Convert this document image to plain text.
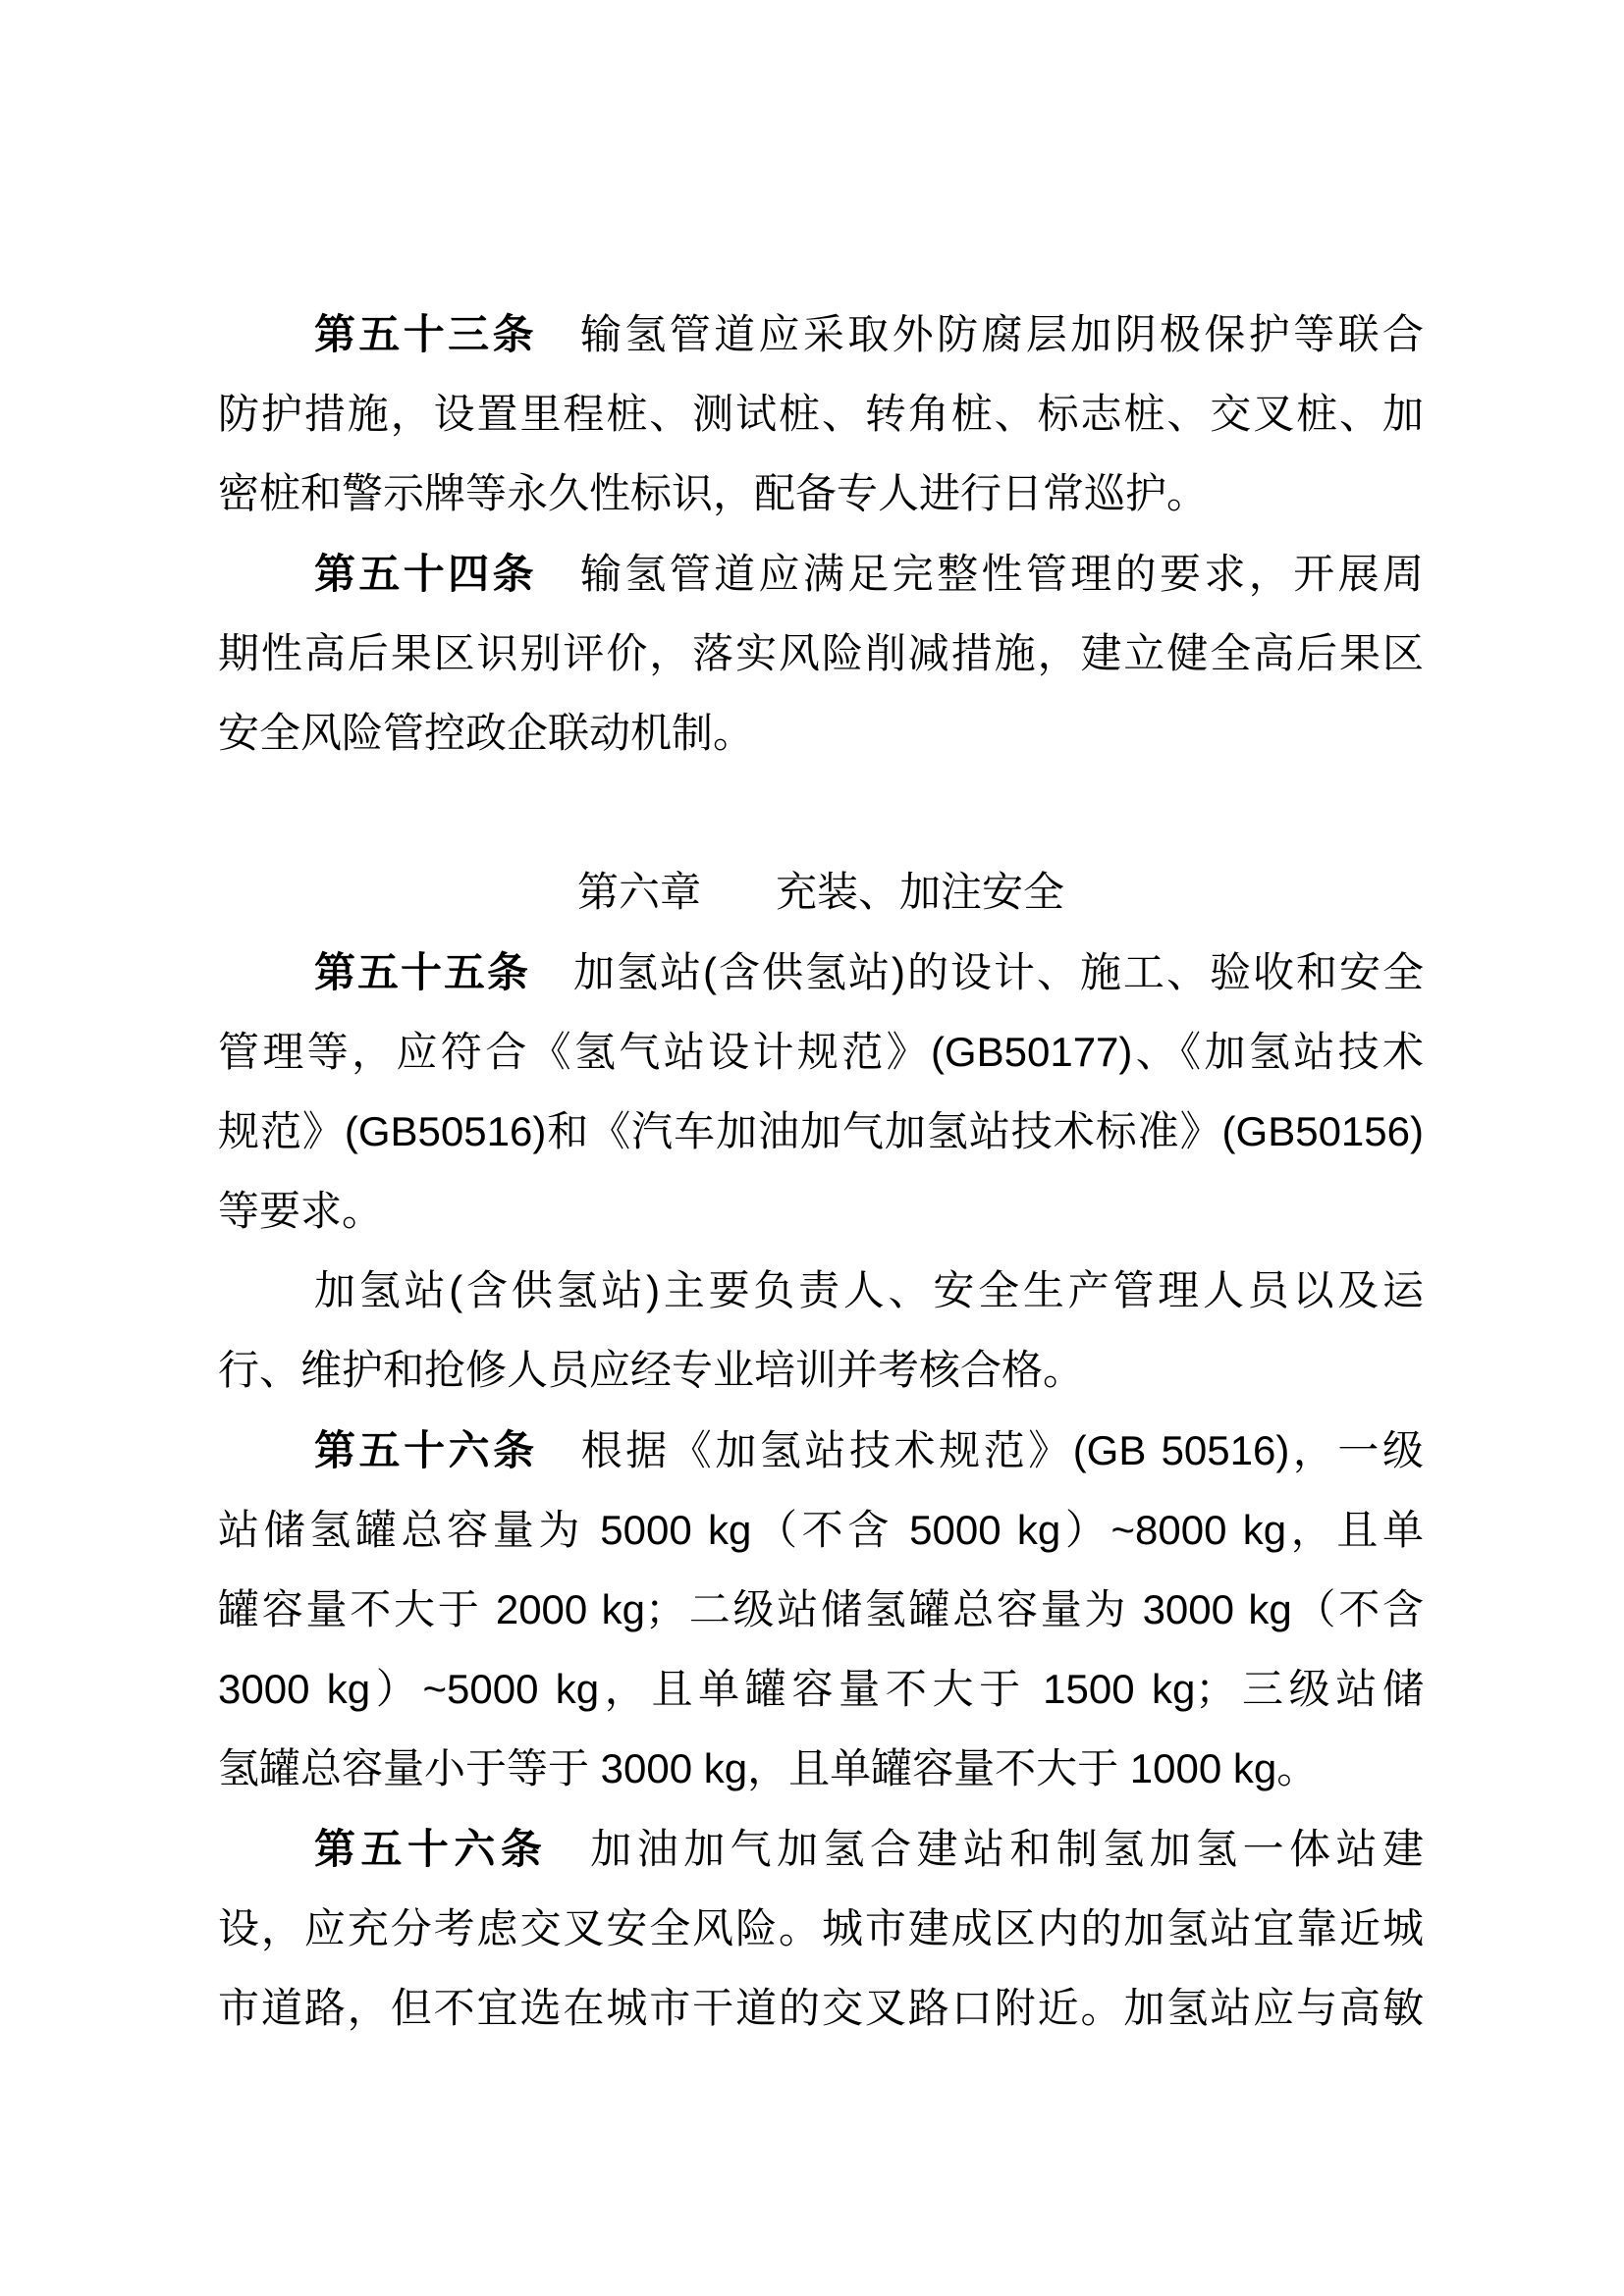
第五十三条 输氢管道应采取外防腐层加阴极保护等联合
防护措施，设置里程桩、测试桩、转角桩、标志桩、交叉桩、加
密桩和警示牌等永久性标识，配备专人进行日常巡护。
第五十四条 输氢管道应满足完整性管理的要求，开展周
期性高后果区识别评价，落实风险削减措施，建立健全高后果区
安全风险管控政企联动机制。
第六章 充装、加注安全
第五十五条 加氢站(含供氢站)的设计、施工、验收和安全
管理等，应符合《氢气站设计规范》(GB50177)、《加氢站技术
规范》(GB50516)和《汽车加油加气加氢站技术标准》(GB50156)
等要求。
加氢站(含供氢站)主要负责人、安全生产管理人员以及运
行、维护和抢修人员应经专业培训并考核合格。
第五十六条 根据《加氢站技术规范》(GB 50516)，一级
站储氢罐总容量为 5000 kg（不含 5000 kg）~8000 kg，且单
罐容量不大于 2000 kg；二级站储氢罐总容量为 3000 kg（不含
3000 kg）~5000 kg，且单罐容量不大于 1500 kg；三级站储
氢罐总容量小于等于 3000 kg，且单罐容量不大于 1000 kg。
第五十六条 加油加气加氢合建站和制氢加氢一体站建
设，应充分考虑交叉安全风险。城市建成区内的加氢站宜靠近城
市道路，但不宜选在城市干道的交叉路口附近。加氢站应与高敏
